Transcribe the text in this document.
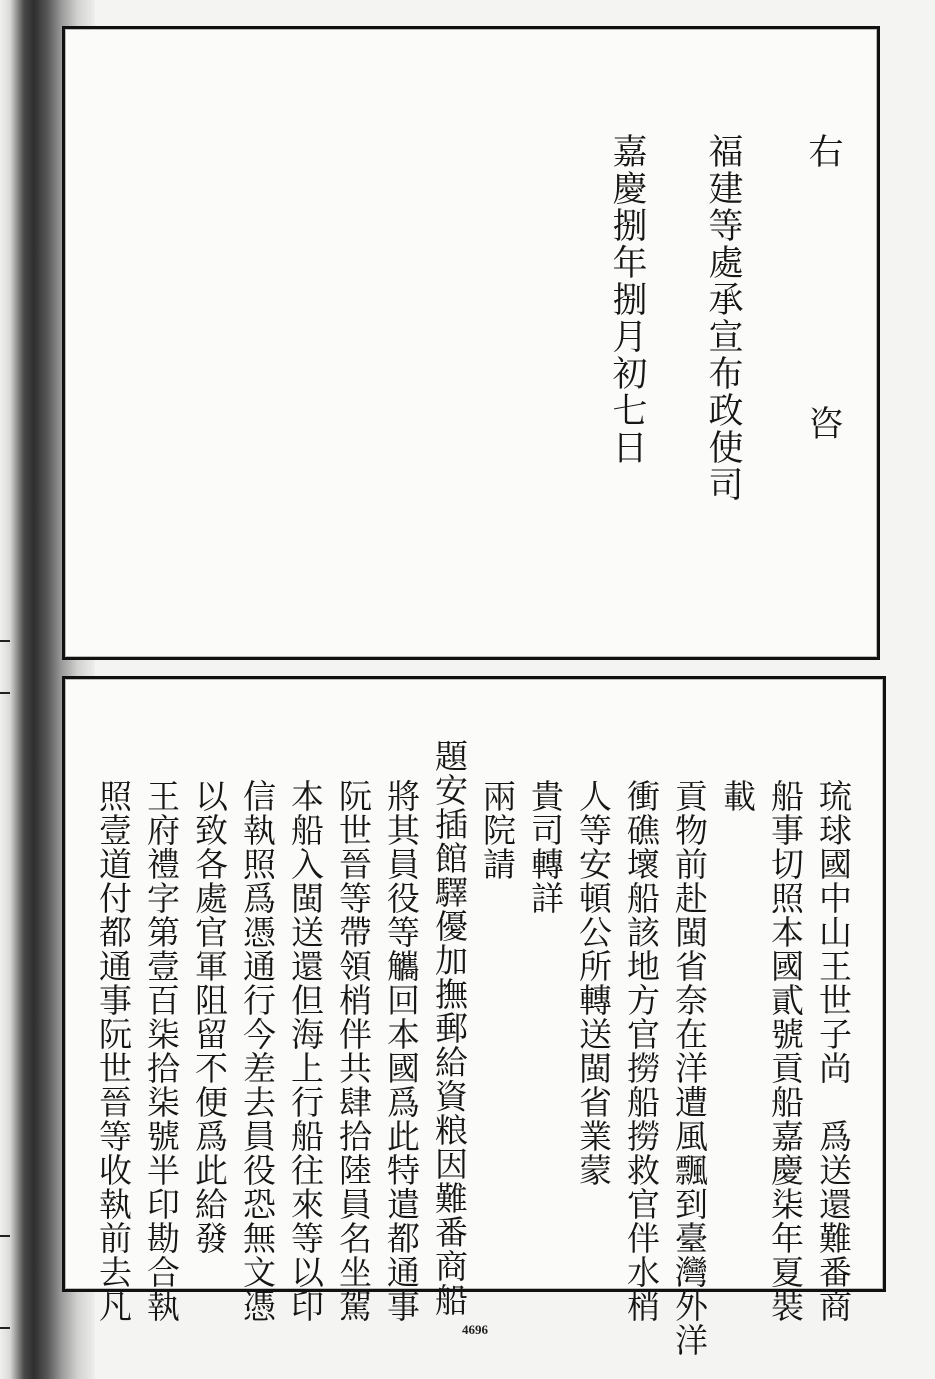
右
咨
福建等處承宣布政使司
嘉慶捌年捌月初七日
琉球國中山王世子尚　爲送還難番商
船事切照本國貳號貢船嘉慶柒年夏裝
載
貢物前赴閩省奈在洋遭風飄到臺灣外洋
衝礁壞船該地方官撈船撈救官伴水梢
人等安頓公所轉送閩省業蒙
貴司轉詳
兩院請
題安插館驛優加撫郵給資粮因難番商船
將其員役等觿回本國爲此特遣都通事
阮世晉等帶領梢伴共肆拾陸員名坐駕
本船入閩送還但海上行船往來等以印
信執照爲憑通行今差去員役恐無文憑
以致各處官軍阻留不便爲此給發
王府禮字第壹百柒拾柒號半印勘合執
照壹道付都通事阮世晉等收執前去凡
4696
